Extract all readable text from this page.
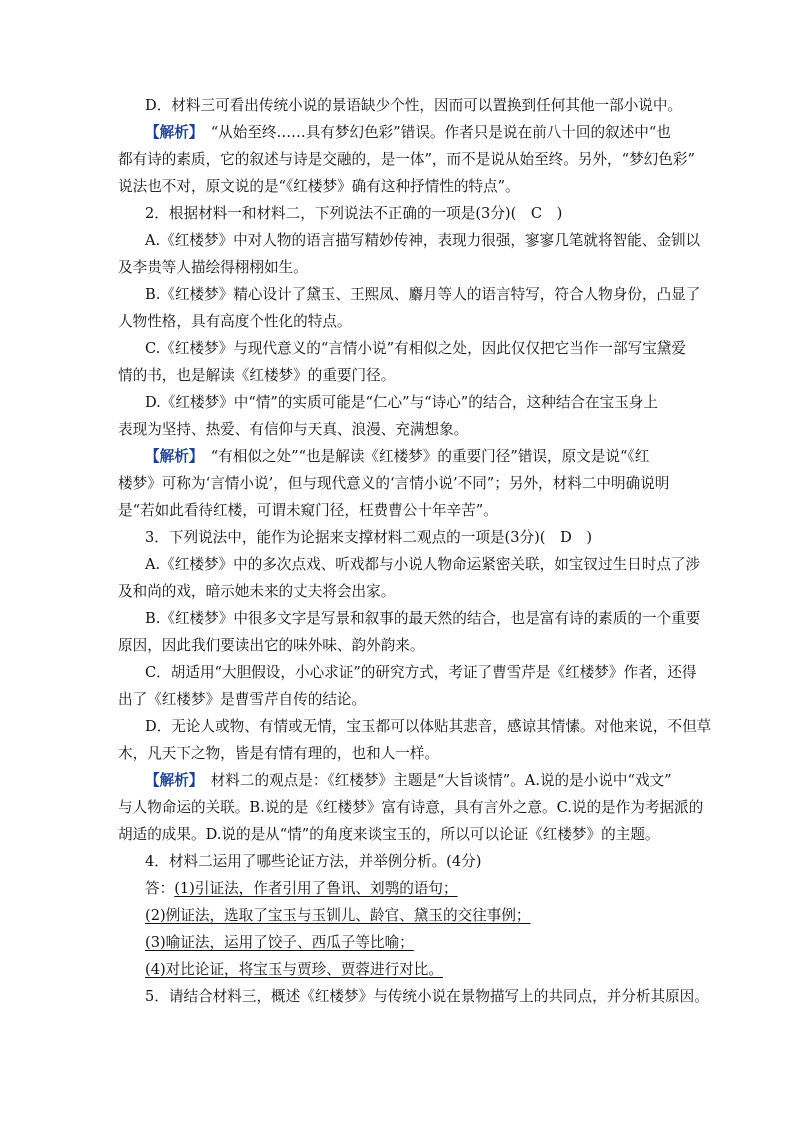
D．材料三可看出传统小说的景语缺少个性，因而可以置换到任何其他一部小说中。
【解析】　 “从始至终……具有梦幻色彩”错误。作者只是说在前八十回的叙述中“也
都有诗的素质，它的叙述与诗是交融的，是一体”，而不是说从始至终。另外，“梦幻色彩”
说法也不对，原文说的是“《红楼梦》确有这种抒情性的特点”。
2．根据材料一和材料二，下列说法不正确的一项是(3分)(　C　)
A.《红楼梦》中对人物的语言描写精妙传神，表现力很强，寥寥几笔就将智能、金钏以
及李贵等人描绘得栩栩如生。
B.《红楼梦》精心设计了黛玉、王熙凤、麝月等人的语言特写，符合人物身份，凸显了
人物性格，具有高度个性化的特点。
C.《红楼梦》与现代意义的“言情小说”有相似之处，因此仅仅把它当作一部写宝黛爱
情的书，也是解读《红楼梦》的重要门径。
D.《红楼梦》中“情”的实质可能是“仁心”与“诗心”的结合，这种结合在宝玉身上
表现为坚持、热爱、有信仰与天真、浪漫、充满想象。
【解析】　 “有相似之处”“也是解读《红楼梦》的重要门径”错误，原文是说“《红
楼梦》可称为‘言情小说’，但与现代意义的‘言情小说’不同”；另外，材料二中明确说明
是“若如此看待红楼，可谓未窥门径，枉费曹公十年辛苦”。
3．下列说法中，能作为论据来支撑材料二观点的一项是(3分)(　D　)
A.《红楼梦》中的多次点戏、听戏都与小说人物命运紧密关联，如宝钗过生日时点了涉
及和尚的戏，暗示她未来的丈夫将会出家。
B.《红楼梦》中很多文字是写景和叙事的最天然的结合，也是富有诗的素质的一个重要
原因，因此我们要读出它的味外味、韵外韵来。
C．胡适用“大胆假设，小心求证”的研究方式，考证了曹雪芹是《红楼梦》作者，还得
出了《红楼梦》是曹雪芹自传的结论。
D．无论人或物、有情或无情，宝玉都可以体贴其悲音，感谅其情愫。对他来说，不但草
木，凡天下之物，皆是有情有理的，也和人一样。
【解析】　 材料二的观点是：《红楼梦》主题是“大旨谈情”。A.说的是小说中“戏文”
与人物命运的关联。B.说的是《红楼梦》富有诗意，具有言外之意。C.说的是作为考据派的
胡适的成果。D.说的是从“情”的角度来谈宝玉的，所以可以论证《红楼梦》的主题。
4．材料二运用了哪些论证方法，并举例分析。(4分)
答：(1)引证法，作者引用了鲁讯、刘鹗的语句；
(2)例证法，选取了宝玉与玉钏儿、龄官、黛玉的交往事例；
(3)喻证法，运用了饺子、西瓜子等比喻；
(4)对比论证，将宝玉与贾珍、贾蓉进行对比。
5．请结合材料三，概述《红楼梦》与传统小说在景物描写上的共同点，并分析其原因。
